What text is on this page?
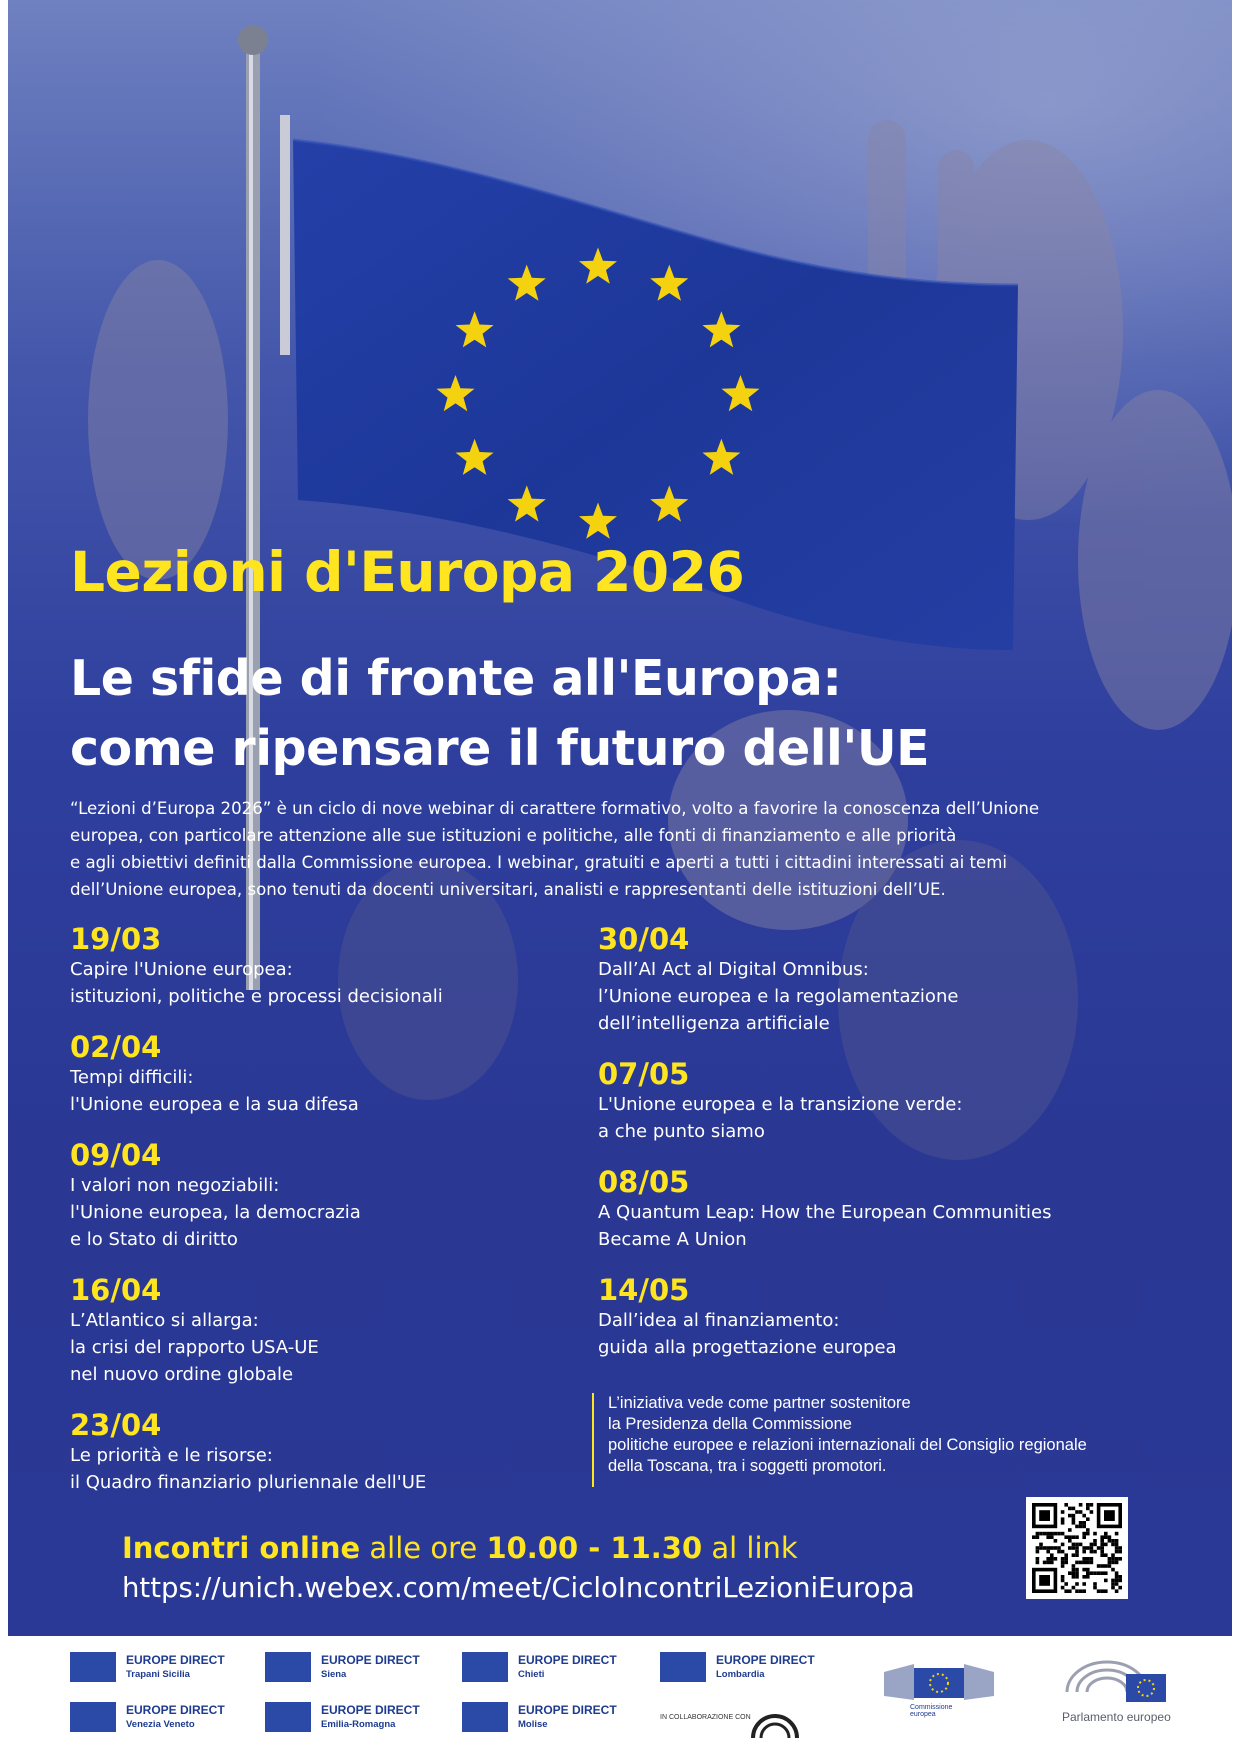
Lezioni d'Europa 2026
Le sfide di fronte all'Europa:
come ripensare il futuro dell'UE
“Lezioni d’Europa 2026” è un ciclo di nove webinar di carattere formativo, volto a favorire la conoscenza dell’Unione
europea, con particolare attenzione alle sue istituzioni e politiche, alle fonti di finanziamento e alle priorità
e agli obiettivi definiti dalla Commissione europea. I webinar, gratuiti e aperti a tutti i cittadini interessati ai temi
dell’Unione europea, sono tenuti da docenti universitari, analisti e rappresentanti delle istituzioni dell’UE.
19/03
Capire l'Unione europea:
istituzioni, politiche e processi decisionali
02/04
Tempi difficili:
l'Unione europea e la sua difesa
09/04
I valori non negoziabili:
l'Unione europea, la democrazia
e lo Stato di diritto
16/04
L’Atlantico si allarga:
la crisi del rapporto USA-UE
nel nuovo ordine globale
23/04
Le priorità e le risorse:
il Quadro finanziario pluriennale dell'UE
30/04
Dall’AI Act al Digital Omnibus:
l’Unione europea e la regolamentazione
dell’intelligenza artificiale
07/05
L'Unione europea e la transizione verde:
a che punto siamo
08/05
A Quantum Leap: How the European Communities
Became A Union
14/05
Dall’idea al finanziamento:
guida alla progettazione europea
L’iniziativa vede come partner sostenitore
la Presidenza della Commissione
politiche europee e relazioni internazionali del Consiglio regionale
della Toscana, tra i soggetti promotori.
Incontri online alle ore 10.00 - 11.30 al link
https://unich.webex.com/meet/CicloIncontriLezioniEuropa
EUROPE DIRECT
Trapani Sicilia
EUROPE DIRECT
Siena
EUROPE DIRECT
Chieti
EUROPE DIRECT
Lombardia
EUROPE DIRECT
Venezia Veneto
EUROPE DIRECT
Emilia-Romagna
EUROPE DIRECT
Molise
IN COLLABORAZIONE CON
Commissione europea	Parlamento europeo
